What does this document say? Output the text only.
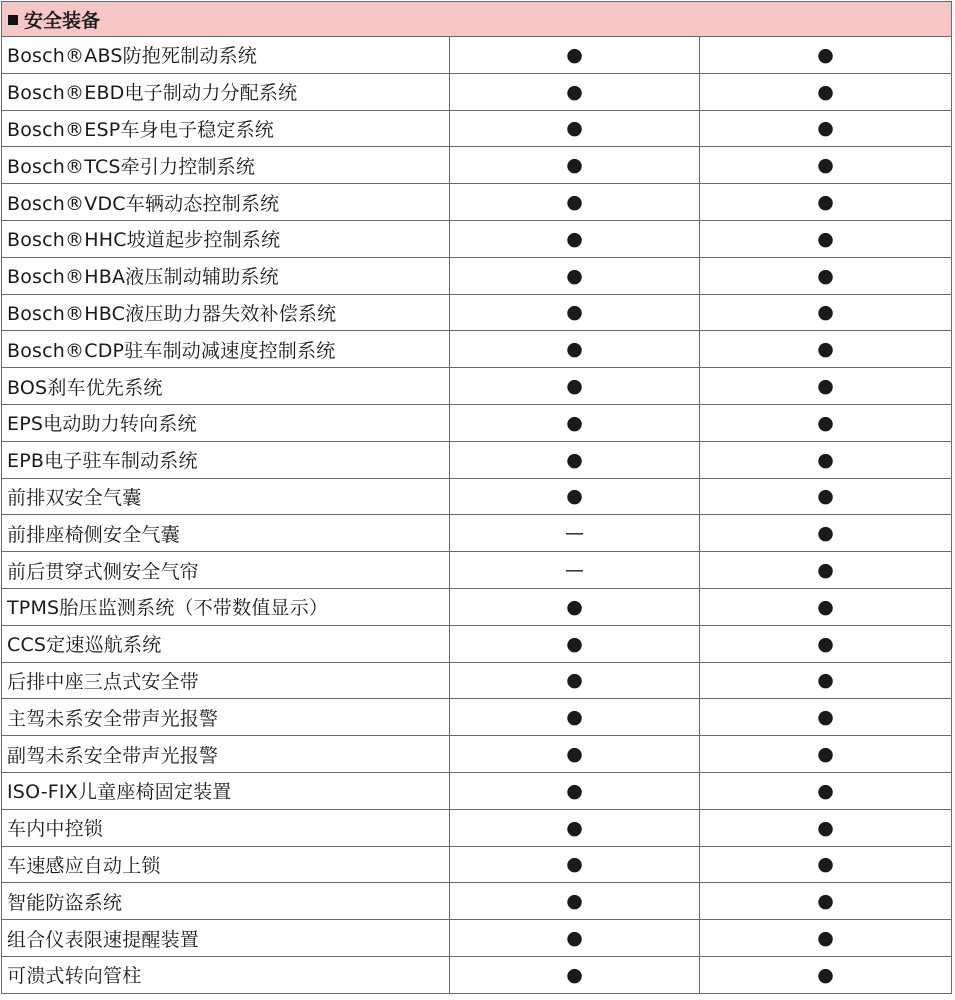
安全装备		
Bosch®ABS防抱死制动系统	●	●
Bosch®EBD电子制动力分配系统	●	●
Bosch®ESP车身电子稳定系统	●	●
Bosch®TCS牵引力控制系统	●	●
Bosch®VDC车辆动态控制系统	●	●
Bosch®HHC坡道起步控制系统	●	●
Bosch®HBA液压制动辅助系统	●	●
Bosch®HBC液压助力器失效补偿系统	●	●
Bosch®CDP驻车制动减速度控制系统	●	●
BOS刹车优先系统	●	●
EPS电动助力转向系统	●	●
EPB电子驻车制动系统	●	●
前排双安全气囊	●	●
前排座椅侧安全气囊	—	●
前后贯穿式侧安全气帘	—	●
TPMS胎压监测系统（不带数值显示）	●	●
CCS定速巡航系统	●	●
后排中座三点式安全带	●	●
主驾未系安全带声光报警	●	●
副驾未系安全带声光报警	●	●
ISO-FIX儿童座椅固定装置	●	●
车内中控锁	●	●
车速感应自动上锁	●	●
智能防盗系统	●	●
组合仪表限速提醒装置	●	●
可溃式转向管柱	●	●
